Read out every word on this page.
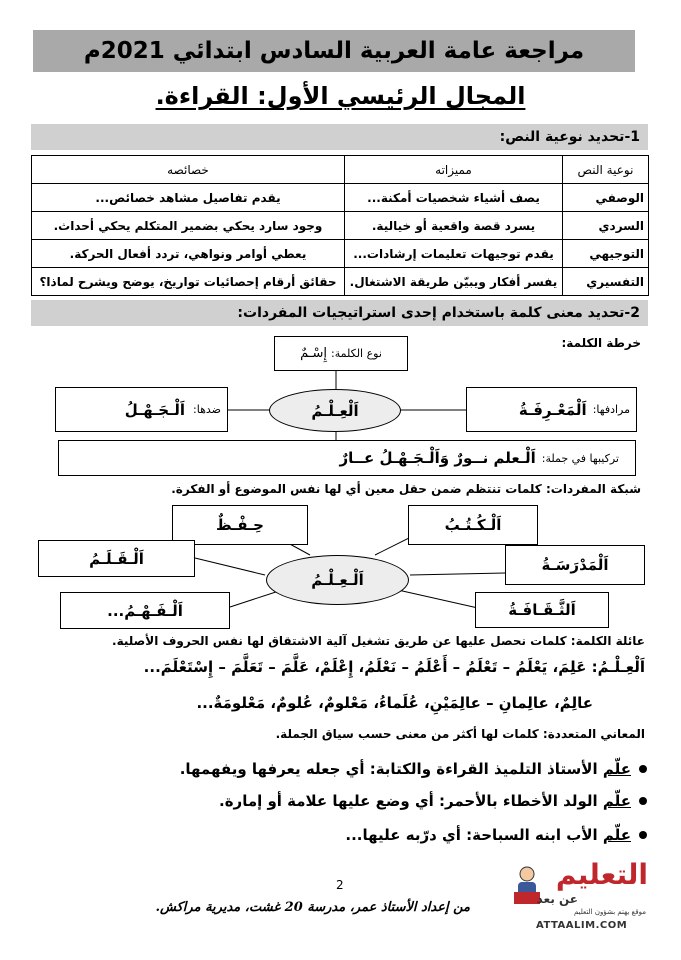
مراجعة عامة العربية السادس ابتدائي 2021م
المجال الرئيسي الأول: القراءة.
1-تحديد نوعية النص:
نوعية النص	مميزاته	خصائصه
الوصفي	يصف أشياء شخصيات أمكنة...	يقدم تفاصيل مشاهد خصائص...
السردي	يسرد قصة واقعية أو خيالية.	وجود سارد يحكي بضمير المتكلم يحكي أحداث.
التوجيهي	يقدم توجيهات تعليمات إرشادات...	يعطي أوامر ونواهي، تردد أفعال الحركة.
التفسيري	يفسر أفكار ويبيّن طريقة الاشتغال.	حقائق أرقام إحصائيات تواريخ، يوضح ويشرح لماذا؟
2-تحديد معنى كلمة باستخدام إحدى استراتيجيات المفردات:
خرطة الكلمة:
نوع الكلمة:
إِسْـمٌ
اَلْعِـلْـمُ	مرادفها:
اَلْمَعْـرِفَـةُ
ضدها:
اَلْـجَـهْـلُ
تركيبها في جملة:
اَلْـعلم نــورٌ وَاَلْـجَـهْـلُ عــارٌ
شبكة المفردات: كلمات تنتظم ضمن حقل معين أي لها نفس الموضوع أو الفكرة.
اَلْـعِـلْـمُ
حِـفْـظٌ	اَلْـكُـتُـبُ
اَلْـقَـلَـمُ	اَلْمَدْرَسَـةُ
اَلْـفَـهْـمُ...	اَلثَّـقَـافَـةُ
عائلة الكلمة: كلمات نحصل عليها عن طريق تشغيل آلية الاشتقاق لها نفس الحروف الأصلية.
اَلْعِـلْـمُ: عَلِمَ، يَعْلَمُ – تَعْلَمُ – أَعْلَمُ – نَعْلَمُ، إِعْلَمْ، عَلَّمَ – تَعَلَّمَ – إِسْتَعْلَمَ...
عالِمٌ، عالِمانِ – عالِمَيْنِ، عُلَماءُ، مَعْلومٌ، عُلومٌ، مَعْلومَةٌ...
المعاني المتعددة: كلمات لها أكثر من معنى حسب سياق الجملة.
علّم الأستاذ التلميذ القراءة والكتابة: أي جعله يعرفها ويفهمها.
علّم الولد الأخطاء بالأحمر: أي وضع عليها علامة أو إمارة.
علّم الأب ابنه السباحة: أي درّبه عليها...
2
من إعداد الأستاذ عمر، مدرسة 20 غشت، مديرية مراكش.
التعليم
عن بعد
موقع يهتم بشؤون التعليم
ATTAALIM.COM
